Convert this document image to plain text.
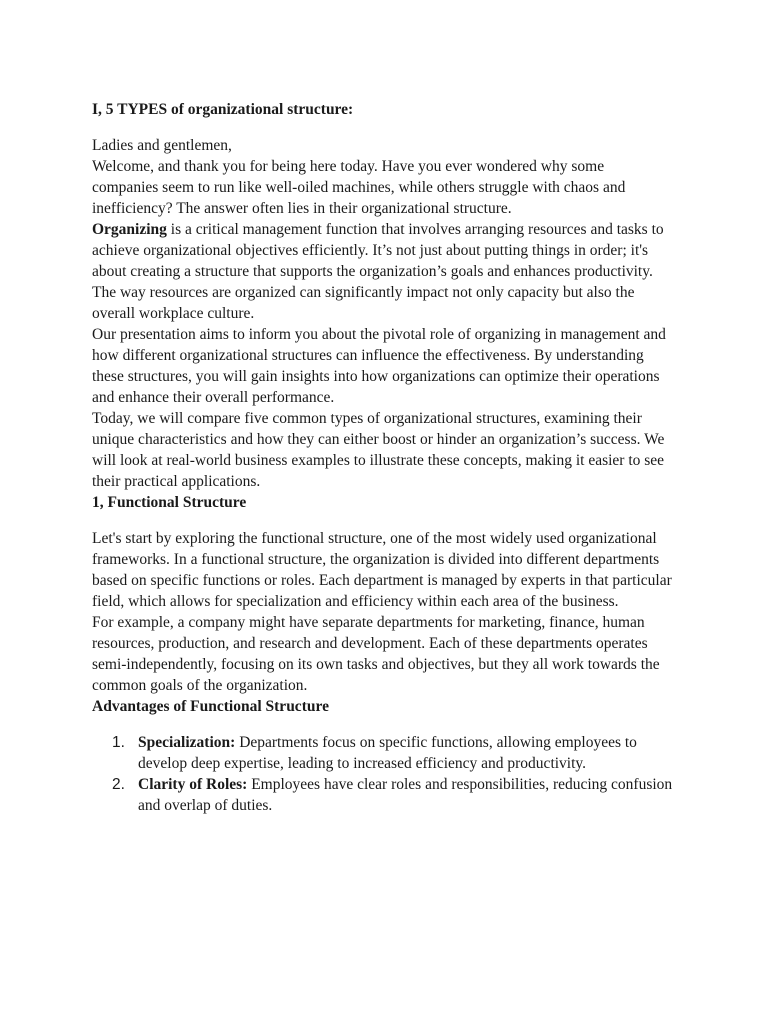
I, 5 TYPES of organizational structure:

Ladies and gentlemen,

Welcome, and thank you for being here today. Have you ever wondered why some companies seem to run like well-oiled machines, while others struggle with chaos and inefficiency? The answer often lies in their organizational structure.

Organizing is a critical management function that involves arranging resources and tasks to achieve organizational objectives efficiently. It’s not just about putting things in order; it's about creating a structure that supports the organization’s goals and enhances productivity. The way resources are organized can significantly impact not only capacity but also the overall workplace culture.

Our presentation aims to inform you about the pivotal role of organizing in management and how different organizational structures can influence the effectiveness. By understanding these structures, you will gain insights into how organizations can optimize their operations and enhance their overall performance.

Today, we will compare five common types of organizational structures, examining their unique characteristics and how they can either boost or hinder an organization’s success. We will look at real-world business examples to illustrate these concepts, making it easier to see their practical applications.

1, Functional Structure

Let's start by exploring the functional structure, one of the most widely used organizational frameworks. In a functional structure, the organization is divided into different departments based on specific functions or roles. Each department is managed by experts in that particular field, which allows for specialization and efficiency within each area of the business.

For example, a company might have separate departments for marketing, finance, human resources, production, and research and development. Each of these departments operates semi-independently, focusing on its own tasks and objectives, but they all work towards the common goals of the organization.

Advantages of Functional Structure

1. Specialization: Departments focus on specific functions, allowing employees to develop deep expertise, leading to increased efficiency and productivity.
2. Clarity of Roles: Employees have clear roles and responsibilities, reducing confusion and overlap of duties.
